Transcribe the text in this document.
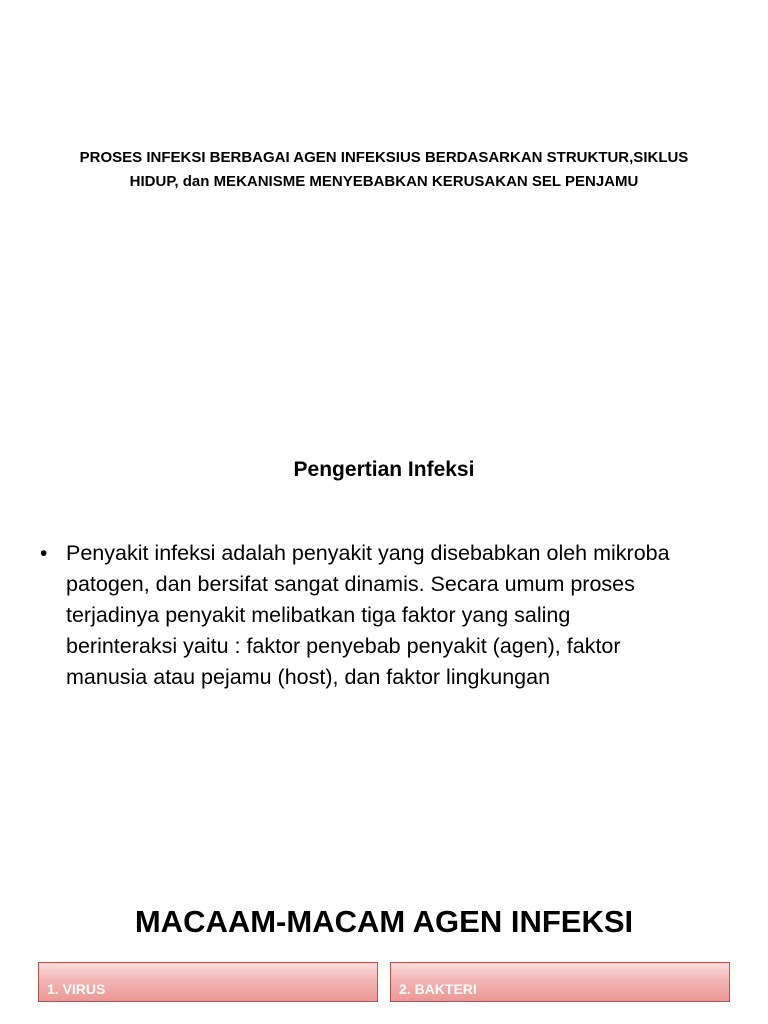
PROSES INFEKSI BERBAGAI AGEN INFEKSIUS BERDASARKAN STRUKTUR,SIKLUS
HIDUP, dan MEKANISME MENYEBABKAN KERUSAKAN SEL PENJAMU
Pengertian Infeksi
• Penyakit infeksi adalah penyakit yang disebabkan oleh mikroba
patogen, dan bersifat sangat dinamis. Secara umum proses
terjadinya penyakit melibatkan tiga faktor yang saling
berinteraksi yaitu : faktor penyebab penyakit (agen), faktor
manusia atau pejamu (host), dan faktor lingkungan
MACAAM-MACAM AGEN INFEKSI
1. VIRUS	2. BAKTERI
